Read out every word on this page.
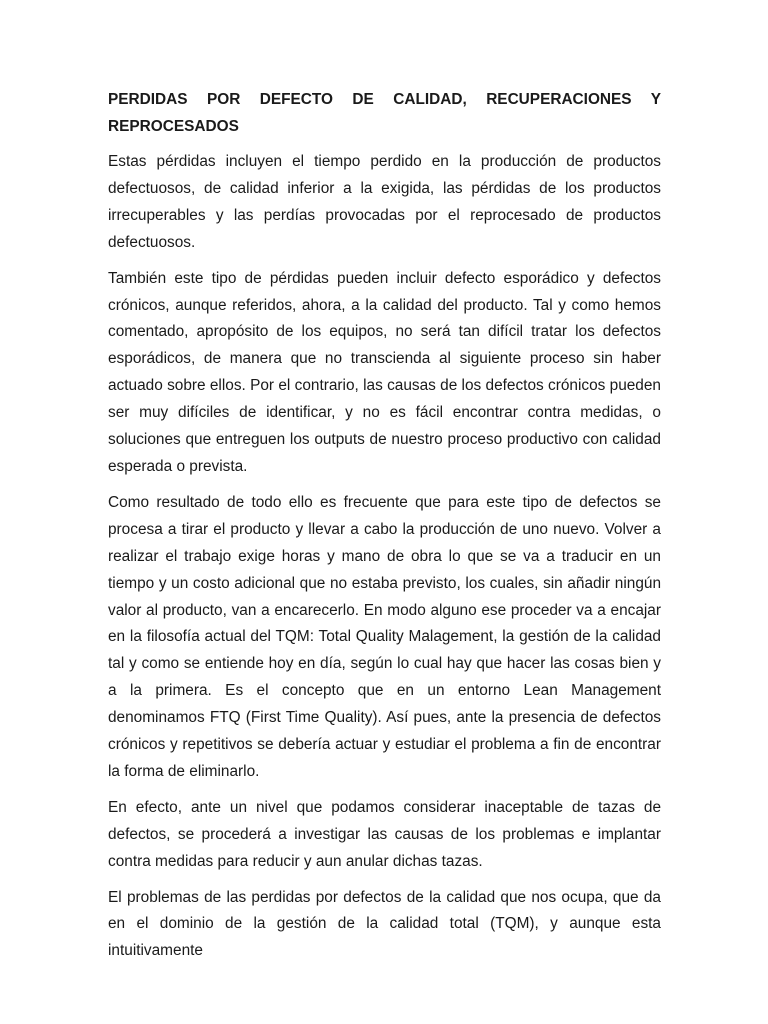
PERDIDAS POR DEFECTO DE CALIDAD, RECUPERACIONES Y

REPROCESADOS

Estas pérdidas incluyen el tiempo perdido en la producción de productos defectuosos, de calidad inferior a la exigida, las pérdidas de los productos irrecuperables y las perdías provocadas por el reprocesado de productos defectuosos.

También este tipo de pérdidas pueden incluir defecto esporádico y defectos crónicos, aunque referidos, ahora, a la calidad del producto. Tal y como hemos comentado, apropósito de los equipos, no será tan difícil tratar los defectos esporádicos, de manera que no transcienda al siguiente proceso sin haber actuado sobre ellos. Por el contrario, las causas de los defectos crónicos pueden ser muy difíciles de identificar, y no es fácil encontrar contra medidas, o soluciones que entreguen los outputs de nuestro proceso productivo con calidad esperada o prevista.

Como resultado de todo ello es frecuente que para este tipo de defectos se procesa a tirar el producto y llevar a cabo la producción de uno nuevo. Volver a realizar el trabajo exige horas y mano de obra lo que se va a traducir en un tiempo y un costo adicional que no estaba previsto, los cuales, sin añadir ningún valor al producto, van a encarecerlo. En modo alguno ese proceder va a encajar en la filosofía actual del TQM: Total Quality Malagement, la gestión de la calidad tal y como se entiende hoy en día, según lo cual hay que hacer las cosas bien y a la primera. Es el concepto que en un entorno Lean Management denominamos FTQ (First Time Quality). Así pues, ante la presencia de defectos crónicos y repetitivos se debería actuar y estudiar el problema a fin de encontrar la forma de eliminarlo.

En efecto, ante un nivel que podamos considerar inaceptable de tazas de defectos, se procederá a investigar las causas de los problemas e implantar contra medidas para reducir y aun anular dichas tazas.

El problemas de las perdidas por defectos de la calidad que nos ocupa, que da en el dominio de la gestión de la calidad total (TQM), y aunque esta intuitivamente
